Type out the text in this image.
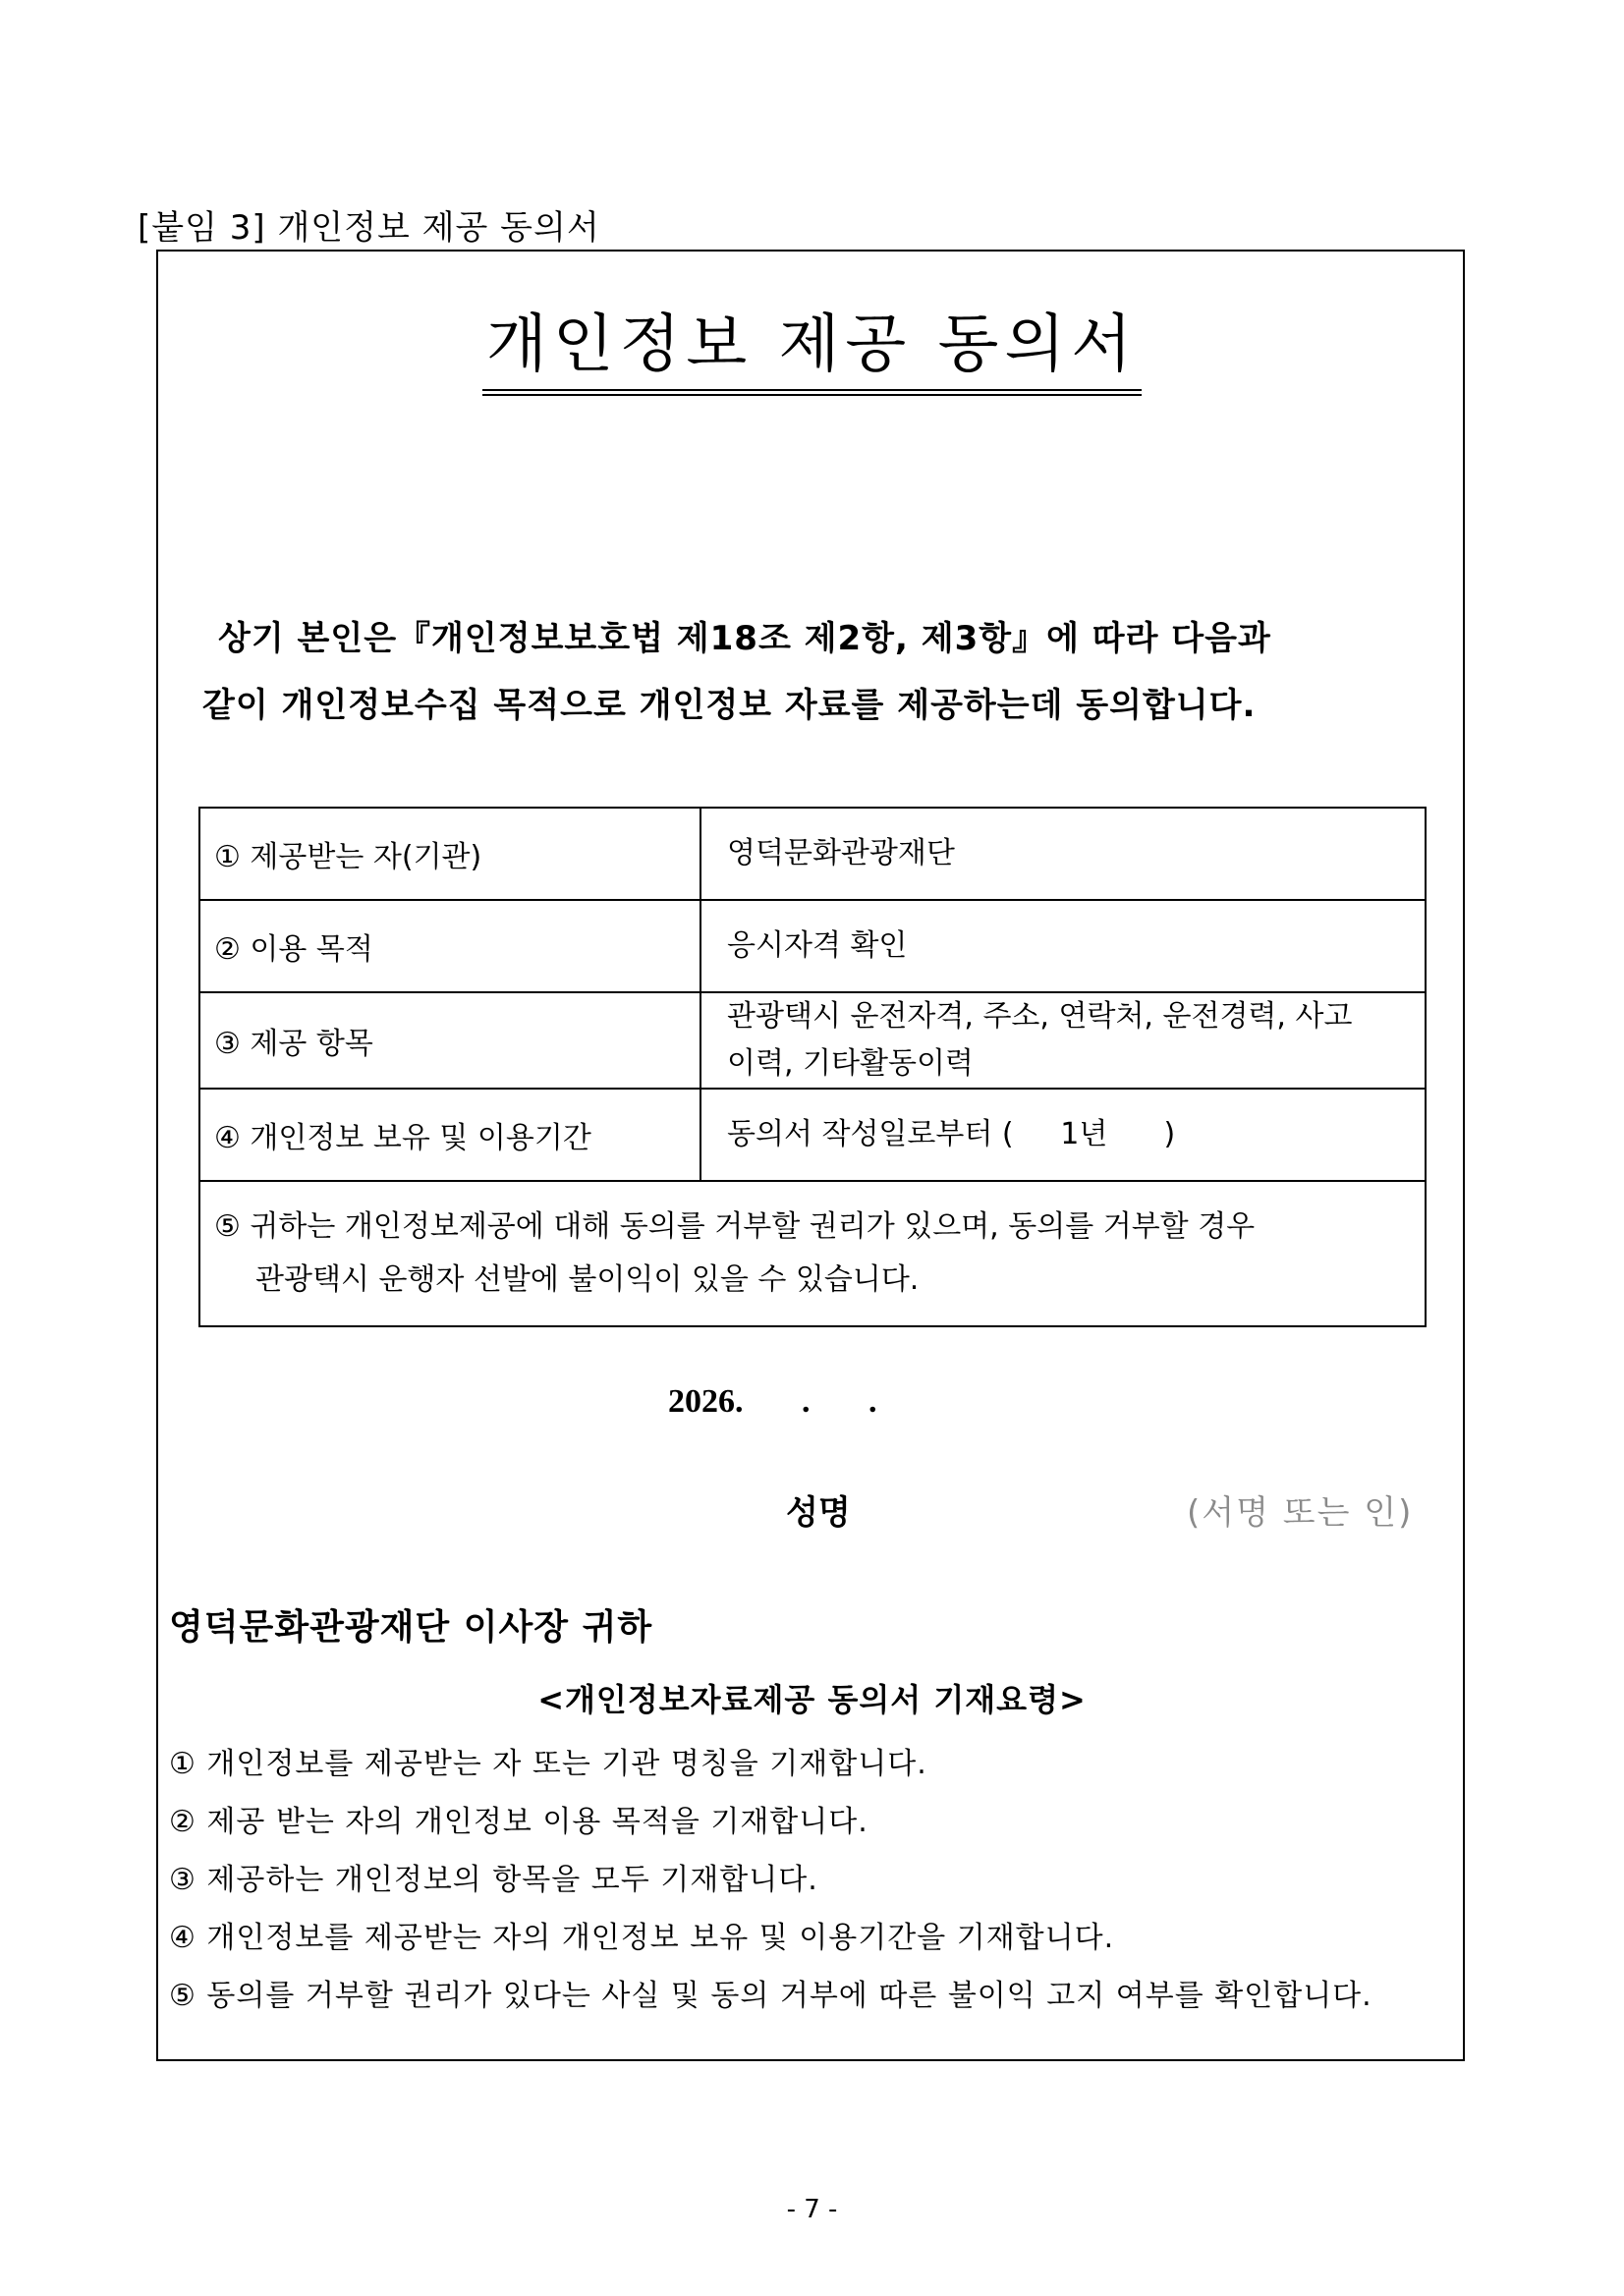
[붙임 3] 개인정보 제공 동의서
개인정보 제공 동의서
상기 본인은『개인정보보호법 제18조 제2항, 제3항』에 따라 다음과
같이 개인정보수집 목적으로 개인정보 자료를 제공하는데 동의합니다.
① 제공받는 자(기관)	영덕문화관광재단
② 이용 목적	응시자격 확인
③ 제공 항목	관광택시 운전자격, 주소, 연락처, 운전경력, 사고
이력, 기타활동이력

④ 개인정보 보유 및 이용기간	동의서 작성일로부터 (     1년      )

⑤ 귀하는 개인정보제공에 대해 동의를 거부할 권리가 있으며, 동의를 거부할 경우
관광택시 운행자 선발에 불이익이 있을 수 있습니다.	
2026.       .       .
성명	(서명 또는 인)
영덕문화관광재단 이사장 귀하
<개인정보자료제공 동의서 기재요령>
① 개인정보를 제공받는 자 또는 기관 명칭을 기재합니다.
② 제공 받는 자의 개인정보 이용 목적을 기재합니다.
③ 제공하는 개인정보의 항목을 모두 기재합니다.
④ 개인정보를 제공받는 자의 개인정보 보유 및 이용기간을 기재합니다.
⑤ 동의를 거부할 권리가 있다는 사실 및 동의 거부에 따른 불이익 고지 여부를 확인합니다.
- 7 -
